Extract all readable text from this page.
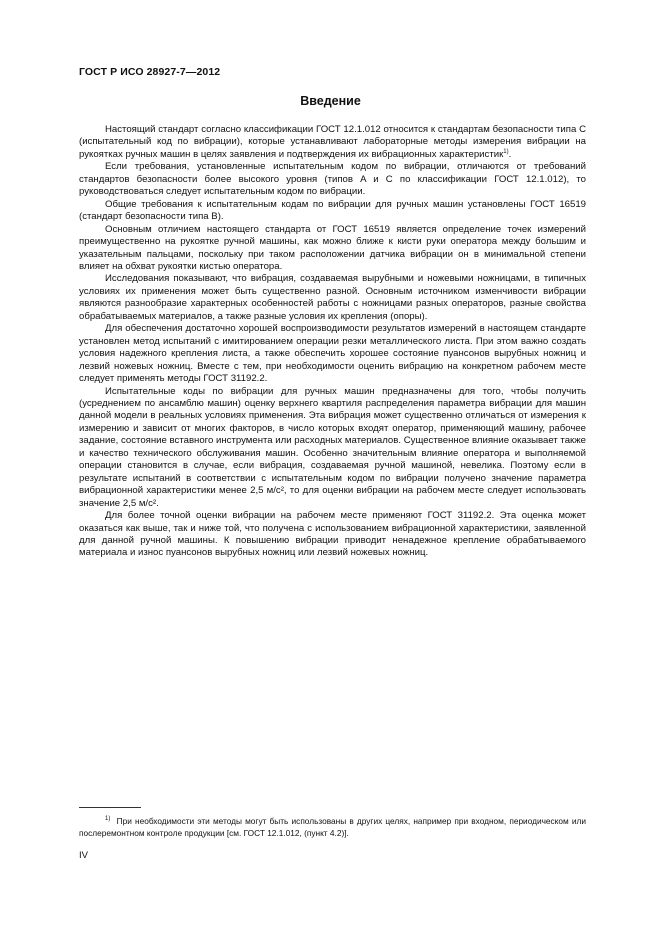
ГОСТ Р ИСО 28927-7—2012
Введение

Настоящий стандарт согласно классификации ГОСТ 12.1.012 относится к стандартам безопасности типа C (испытательный код по вибрации), которые устанавливают лабораторные методы измерения вибрации на рукоятках ручных машин в целях заявления и подтверждения их вибрационных характеристик$^{1)}$.

Если требования, установленные испытательным кодом по вибрации, отличаются от требований стандартов безопасности более высокого уровня (типов A и C по классификации ГОСТ 12.1.012), то руководствоваться следует испытательным кодом по вибрации.

Общие требования к испытательным кодам по вибрации для ручных машин установлены ГОСТ 16519 (стандарт безопасности типа B).

Основным отличием настоящего стандарта от ГОСТ 16519 является определение точек измерений преимущественно на рукоятке ручной машины, как можно ближе к кисти руки оператора между большим и указательным пальцами, поскольку при таком расположении датчика вибрации он в минимальной степени влияет на обхват рукоятки кистью оператора.

Исследования показывают, что вибрация, создаваемая вырубными и ножевыми ножницами, в типичных условиях их применения может быть существенно разной. Основным источником изменчивости вибрации являются разнообразие характерных особенностей работы с ножницами разных операторов, разные свойства обрабатываемых материалов, а также разные условия их крепления (опоры).

Для обеспечения достаточно хорошей воспроизводимости результатов измерений в настоящем стандарте установлен метод испытаний с имитированием операции резки металлического листа. При этом важно создать условия надежного крепления листа, а также обеспечить хорошее состояние пуансонов вырубных ножниц и лезвий ножевых ножниц. Вместе с тем, при необходимости оценить вибрацию на конкретном рабочем месте следует применять методы ГОСТ 31192.2.

Испытательные коды по вибрации для ручных машин предназначены для того, чтобы получить (усреднением по ансамблю машин) оценку верхнего квартиля распределения параметра вибрации для машин данной модели в реальных условиях применения. Эта вибрация может существенно отличаться от измерения к измерению и зависит от многих факторов, в число которых входят оператор, применяющий машину, рабочее задание, состояние вставного инструмента или расходных материалов. Существенное влияние оказывает также и качество технического обслуживания машин. Особенно значительным влияние оператора и выполняемой операции становится в случае, если вибрация, создаваемая ручной машиной, невелика. Поэтому если в результате испытаний в соответствии с испытательным кодом по вибрации получено значение параметра вибрационной характеристики менее 2,5 м/с², то для оценки вибрации на рабочем месте следует использовать значение 2,5 м/с².

Для более точной оценки вибрации на рабочем месте применяют ГОСТ 31192.2. Эта оценка может оказаться как выше, так и ниже той, что получена с использованием вибрационной характеристики, заявленной для данной ручной машины. К повышению вибрации приводит ненадежное крепление обрабатываемого материала и износ пуансонов вырубных ножниц или лезвий ножевых ножниц.

$^{1)}$ При необходимости эти методы могут быть использованы в других целях, например при входном, периодическом или послеремонтном контроле продукции [см. ГОСТ 12.1.012, (пункт 4.2)].
IV
